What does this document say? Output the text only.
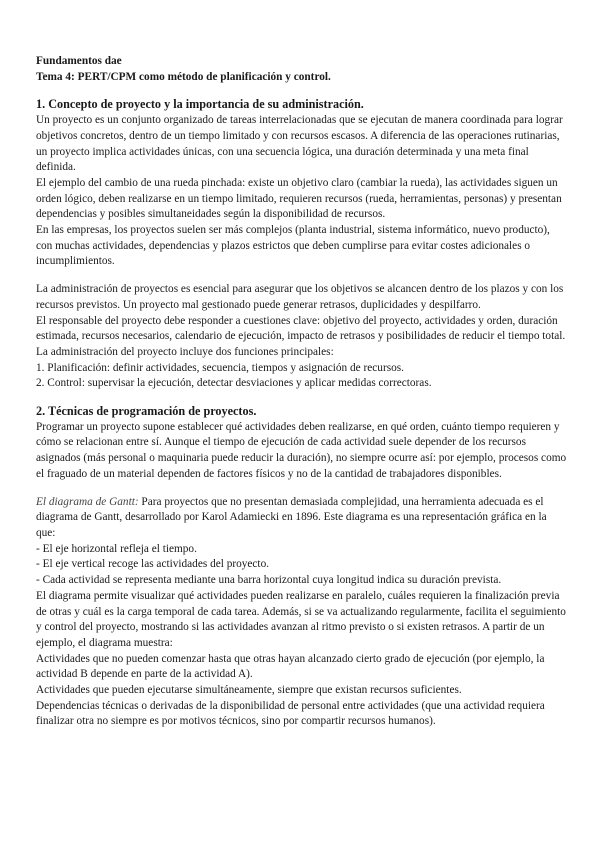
Fundamentos dae

Tema 4: PERT/CPM como método de planificación y control.

1. Concepto de proyecto y la importancia de su administración.

Un proyecto es un conjunto organizado de tareas interrelacionadas que se ejecutan de manera coordinada para lograr objetivos concretos, dentro de un tiempo limitado y con recursos escasos. A diferencia de las operaciones rutinarias, un proyecto implica actividades únicas, con una secuencia lógica, una duración determinada y una meta final definida.

El ejemplo del cambio de una rueda pinchada: existe un objetivo claro (cambiar la rueda), las actividades siguen un orden lógico, deben realizarse en un tiempo limitado, requieren recursos (rueda, herramientas, personas) y presentan dependencias y posibles simultaneidades según la disponibilidad de recursos.

En las empresas, los proyectos suelen ser más complejos (planta industrial, sistema informático, nuevo producto), con muchas actividades, dependencias y plazos estrictos que deben cumplirse para evitar costes adicionales o incumplimientos.

La administración de proyectos es esencial para asegurar que los objetivos se alcancen dentro de los plazos y con los recursos previstos. Un proyecto mal gestionado puede generar retrasos, duplicidades y despilfarro.

El responsable del proyecto debe responder a cuestiones clave: objetivo del proyecto, actividades y orden, duración estimada, recursos necesarios, calendario de ejecución, impacto de retrasos y posibilidades de reducir el tiempo total. La administración del proyecto incluye dos funciones principales:

1. Planificación: definir actividades, secuencia, tiempos y asignación de recursos.

2. Control: supervisar la ejecución, detectar desviaciones y aplicar medidas correctoras.

2. Técnicas de programación de proyectos.

Programar un proyecto supone establecer qué actividades deben realizarse, en qué orden, cuánto tiempo requieren y cómo se relacionan entre sí. Aunque el tiempo de ejecución de cada actividad suele depender de los recursos asignados (más personal o maquinaria puede reducir la duración), no siempre ocurre así: por ejemplo, procesos como el fraguado de un material dependen de factores físicos y no de la cantidad de trabajadores disponibles.

El diagrama de Gantt: Para proyectos que no presentan demasiada complejidad, una herramienta adecuada es el diagrama de Gantt, desarrollado por Karol Adamiecki en 1896. Este diagrama es una representación gráfica en la que:

- El eje horizontal refleja el tiempo.

- El eje vertical recoge las actividades del proyecto.

- Cada actividad se representa mediante una barra horizontal cuya longitud indica su duración prevista.

El diagrama permite visualizar qué actividades pueden realizarse en paralelo, cuáles requieren la finalización previa de otras y cuál es la carga temporal de cada tarea. Además, si se va actualizando regularmente, facilita el seguimiento y control del proyecto, mostrando si las actividades avanzan al ritmo previsto o si existen retrasos. A partir de un ejemplo, el diagrama muestra:

Actividades que no pueden comenzar hasta que otras hayan alcanzado cierto grado de ejecución (por ejemplo, la actividad B depende en parte de la actividad A).

Actividades que pueden ejecutarse simultáneamente, siempre que existan recursos suficientes.

Dependencias técnicas o derivadas de la disponibilidad de personal entre actividades (que una actividad requiera finalizar otra no siempre es por motivos técnicos, sino por compartir recursos humanos).
